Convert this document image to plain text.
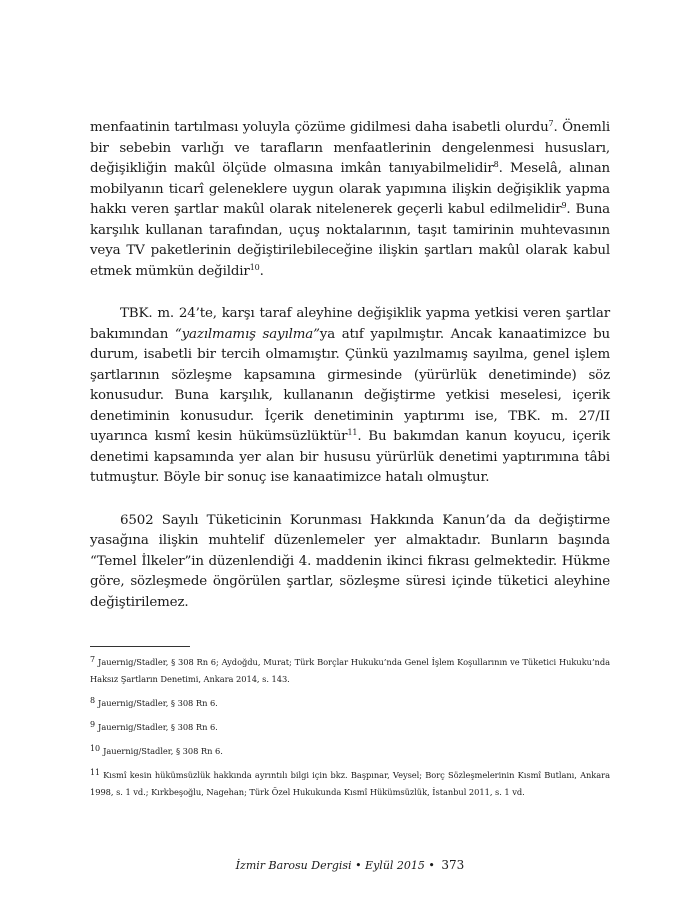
menfaatinin tartılması yoluyla çözüme gidilmesi daha isabetli olurdu$^7$. Önemli bir sebebin varlığı ve tarafların menfaatlerinin dengelenmesi hususları, değişikliğin makûl ölçüde olmasına imkân tanıyabilmelidir$^8$. Meselâ, alınan mobilyanın ticarî geleneklere uygun olarak yapımına ilişkin değişiklik yapma hakkı veren şartlar makûl olarak nitelenerek geçerli kabul edilmelidir$^9$. Buna karşılık kullanan tarafından, uçuş noktalarının, taşıt tamirinin muhtevasının veya TV paketlerinin değiştirilebileceğine ilişkin şartları makûl olarak kabul etmek mümkün değildir$^{10}$.

TBK. m. 24’te, karşı taraf aleyhine değişiklik yapma yetkisi veren şartlar bakımından “yazılmamış sayılma”ya atıf yapılmıştır. Ancak kanaatimizce bu durum, isabetli bir tercih olmamıştır. Çünkü yazılmamış sayılma, genel işlem şartlarının sözleşme kapsamına girmesinde (yürürlük denetiminde) söz konusudur. Buna karşılık, kullananın değiştirme yetkisi meselesi, içerik denetiminin konusudur. İçerik denetiminin yaptırımı ise, TBK. m. 27/II uyarınca kısmî kesin hükümsüzlüktür$^{11}$. Bu bakımdan kanun koyucu, içerik denetimi kapsamında yer alan bir hususu yürürlük denetimi yaptırımına tâbi tutmuştur. Böyle bir sonuç ise kanaatimizce hatalı olmuştur.

6502 Sayılı Tüketicinin Korunması Hakkında Kanun’da da değiştirme yasağına ilişkin muhtelif düzenlemeler yer almaktadır. Bunların başında “Temel İlkeler”in düzenlendiği 4. maddenin ikinci fıkrası gelmektedir. Hükme göre, sözleşmede öngörülen şartlar, sözleşme süresi içinde tüketici aleyhine değiştirilemez.

7 Jauernig/Stadler, § 308 Rn 6; Aydoğdu, Murat; Türk Borçlar Hukuku’nda Genel İşlem Koşullarının ve Tüketici Hukuku’nda Haksız Şartların Denetimi, Ankara 2014, s. 143.
8 Jauernig/Stadler, § 308 Rn 6.
9 Jauernig/Stadler, § 308 Rn 6.
10 Jauernig/Stadler, § 308 Rn 6.
11 Kısmî kesin hükümsüzlük hakkında ayrıntılı bilgi için bkz. Başpınar, Veysel; Borç Sözleşmelerinin Kısmî Butlanı, Ankara 1998, s. 1 vd.; Kırkbeşoğlu, Nagehan; Türk Özel Hukukunda Kısmî Hükümsüzlük, İstanbul 2011, s. 1 vd.
İzmir Barosu Dergisi • Eylül 2015 • 373
